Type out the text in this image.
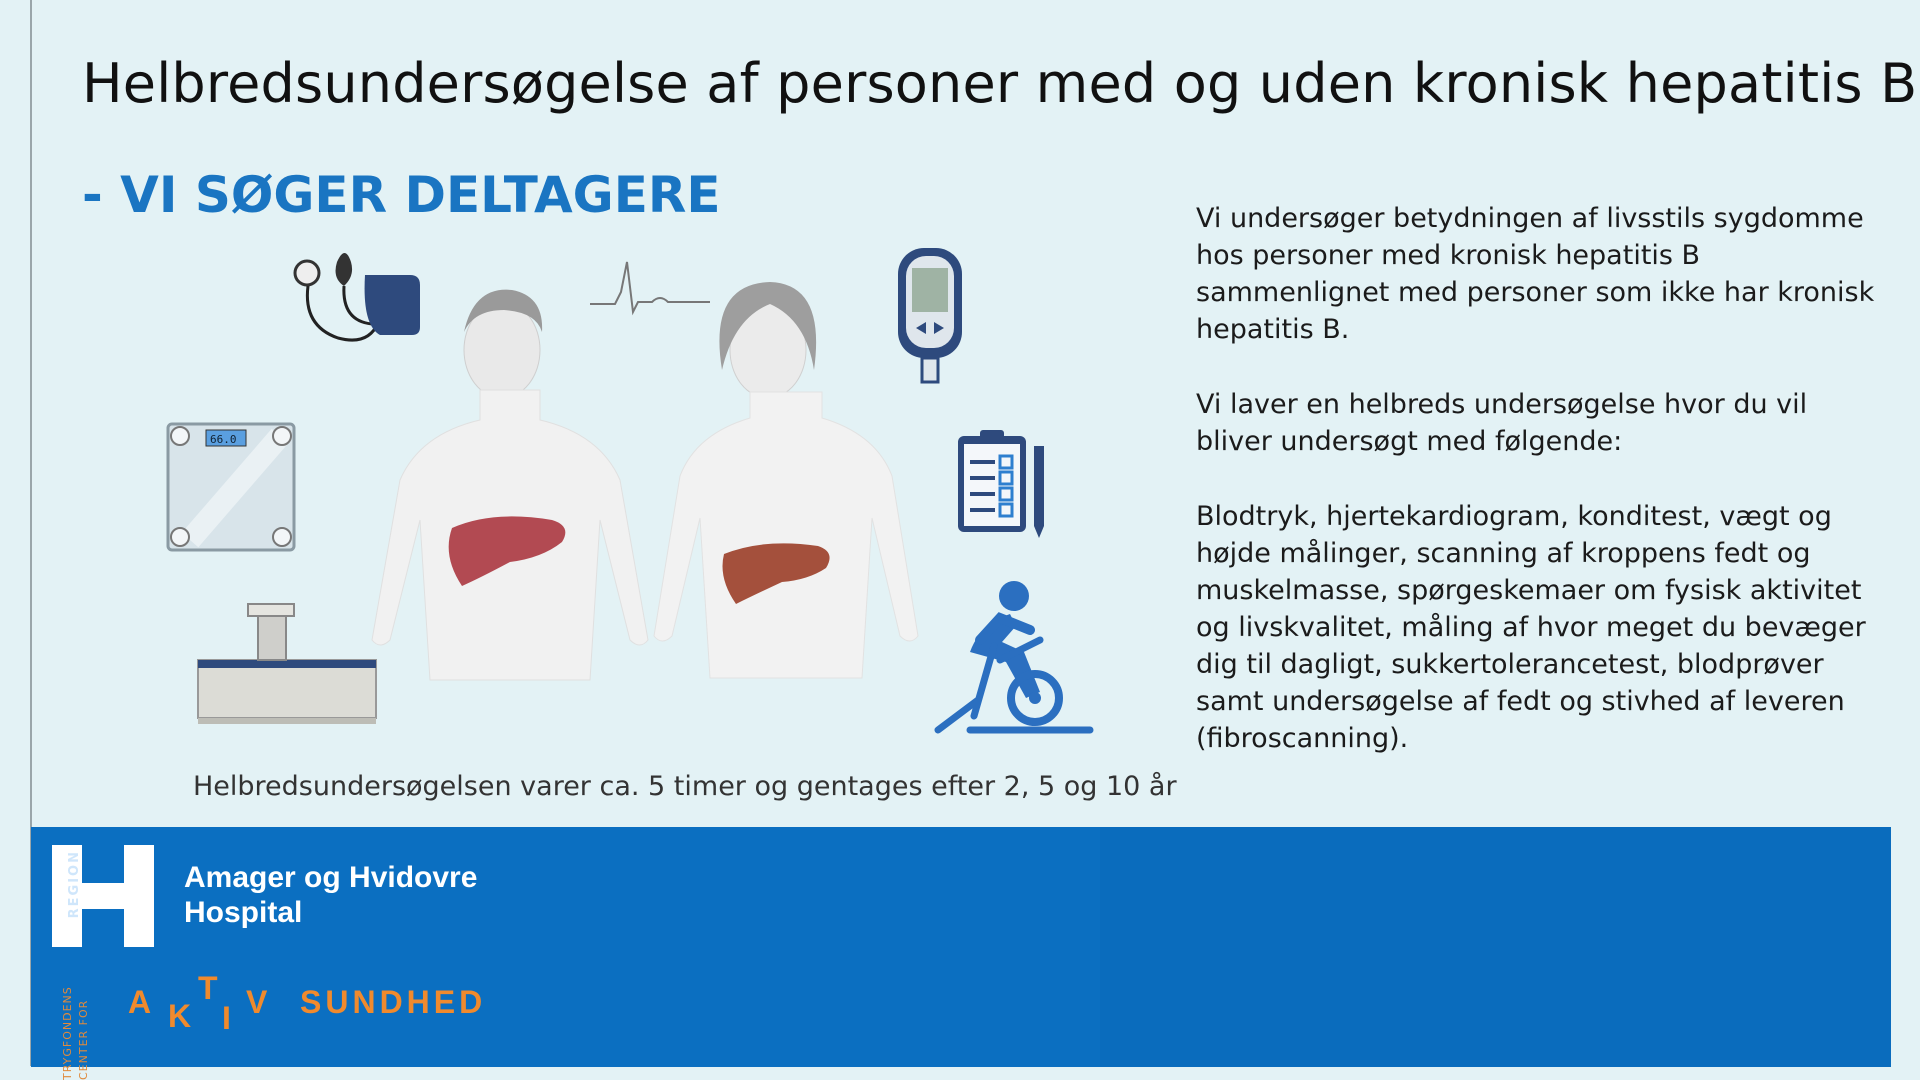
Helbredsundersøgelse af personer med og uden kronisk hepatitis B
- VI SØGER DELTAGERE
66.0

Vi undersøger betydningen af livsstils sygdomme hos personer med kronisk hepatitis B sammenlignet med personer som ikke har kronisk hepatitis B.

Vi laver en helbreds undersøgelse hvor du vil bliver undersøgt med følgende:

Blodtryk, hjertekardiogram, konditest, vægt og højde målinger, scanning af kroppens fedt og muskelmasse, spørgeskemaer om fysisk aktivitet og livskvalitet, måling af hvor meget du bevæger dig til dagligt, sukkertolerancetest, blodprøver samt undersøgelse af fedt og stivhed af leveren (fibroscanning).

Helbredsundersøgelsen varer ca. 5 timer og gentages efter 2, 5 og 10 år
REGION	Amager og Hvidovre Hospital
TRYGFONDENS CENTER FOR A K
T
I V SUNDHED
